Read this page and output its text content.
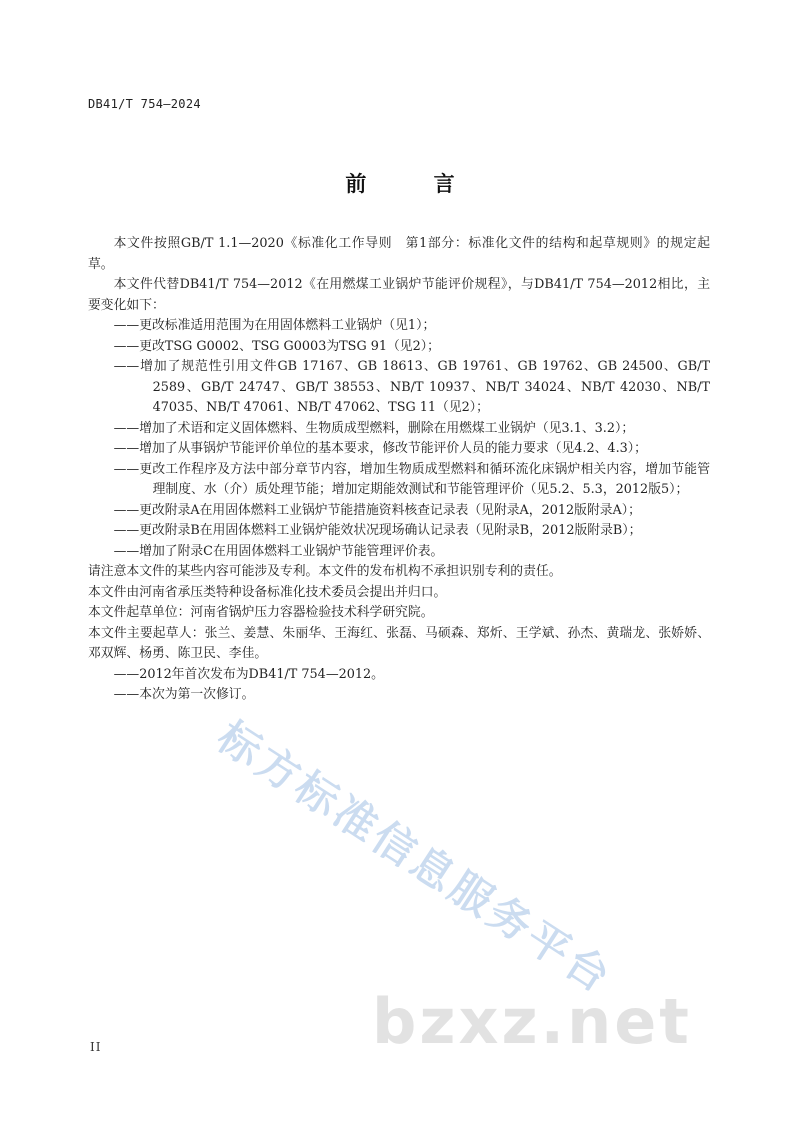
DB41/T 754—2024
前 言

本文件按照GB/T 1.1—2020《标准化工作导则　第1部分：标准化文件的结构和起草规则》的规定起草。

本文件代替DB41/T 754—2012《在用燃煤工业锅炉节能评价规程》，与DB41/T 754—2012相比，主要变化如下：

——更改标准适用范围为在用固体燃料工业锅炉（见1）；

——更改TSG G0002、TSG G0003为TSG 91（见2）；

——增加了规范性引用文件GB 17167、GB 18613、GB 19761、GB 19762、GB 24500、GB/T 2589、GB/T 24747、GB/T 38553、NB/T 10937、NB/T 34024、NB/T 42030、NB/T 47035、NB/T 47061、NB/T 47062、TSG 11（见2）；

——增加了术语和定义固体燃料、生物质成型燃料，删除在用燃煤工业锅炉（见3.1、3.2）；

——增加了从事锅炉节能评价单位的基本要求，修改节能评价人员的能力要求（见4.2、4.3）；

——更改工作程序及方法中部分章节内容，增加生物质成型燃料和循环流化床锅炉相关内容，增加节能管理制度、水（介）质处理节能；增加定期能效测试和节能管理评价（见5.2、5.3，2012版5）；

——更改附录A在用固体燃料工业锅炉节能措施资料核查记录表（见附录A，2012版附录A）；

——更改附录B在用固体燃料工业锅炉能效状况现场确认记录表（见附录B，2012版附录B）；

——增加了附录C在用固体燃料工业锅炉节能管理评价表。

请注意本文件的某些内容可能涉及专利。本文件的发布机构不承担识别专利的责任。

本文件由河南省承压类特种设备标准化技术委员会提出并归口。

本文件起草单位：河南省锅炉压力容器检验技术科学研究院。

本文件主要起草人：张兰、姜慧、朱丽华、王海红、张磊、马硕森、郑炘、王学斌、孙杰、黄瑞龙、张娇娇、邓双辉、杨勇、陈卫民、李佳。

——2012年首次发布为DB41/T 754—2012。

——本次为第一次修订。

标方标准信息服务平台
bzxz.net
II
